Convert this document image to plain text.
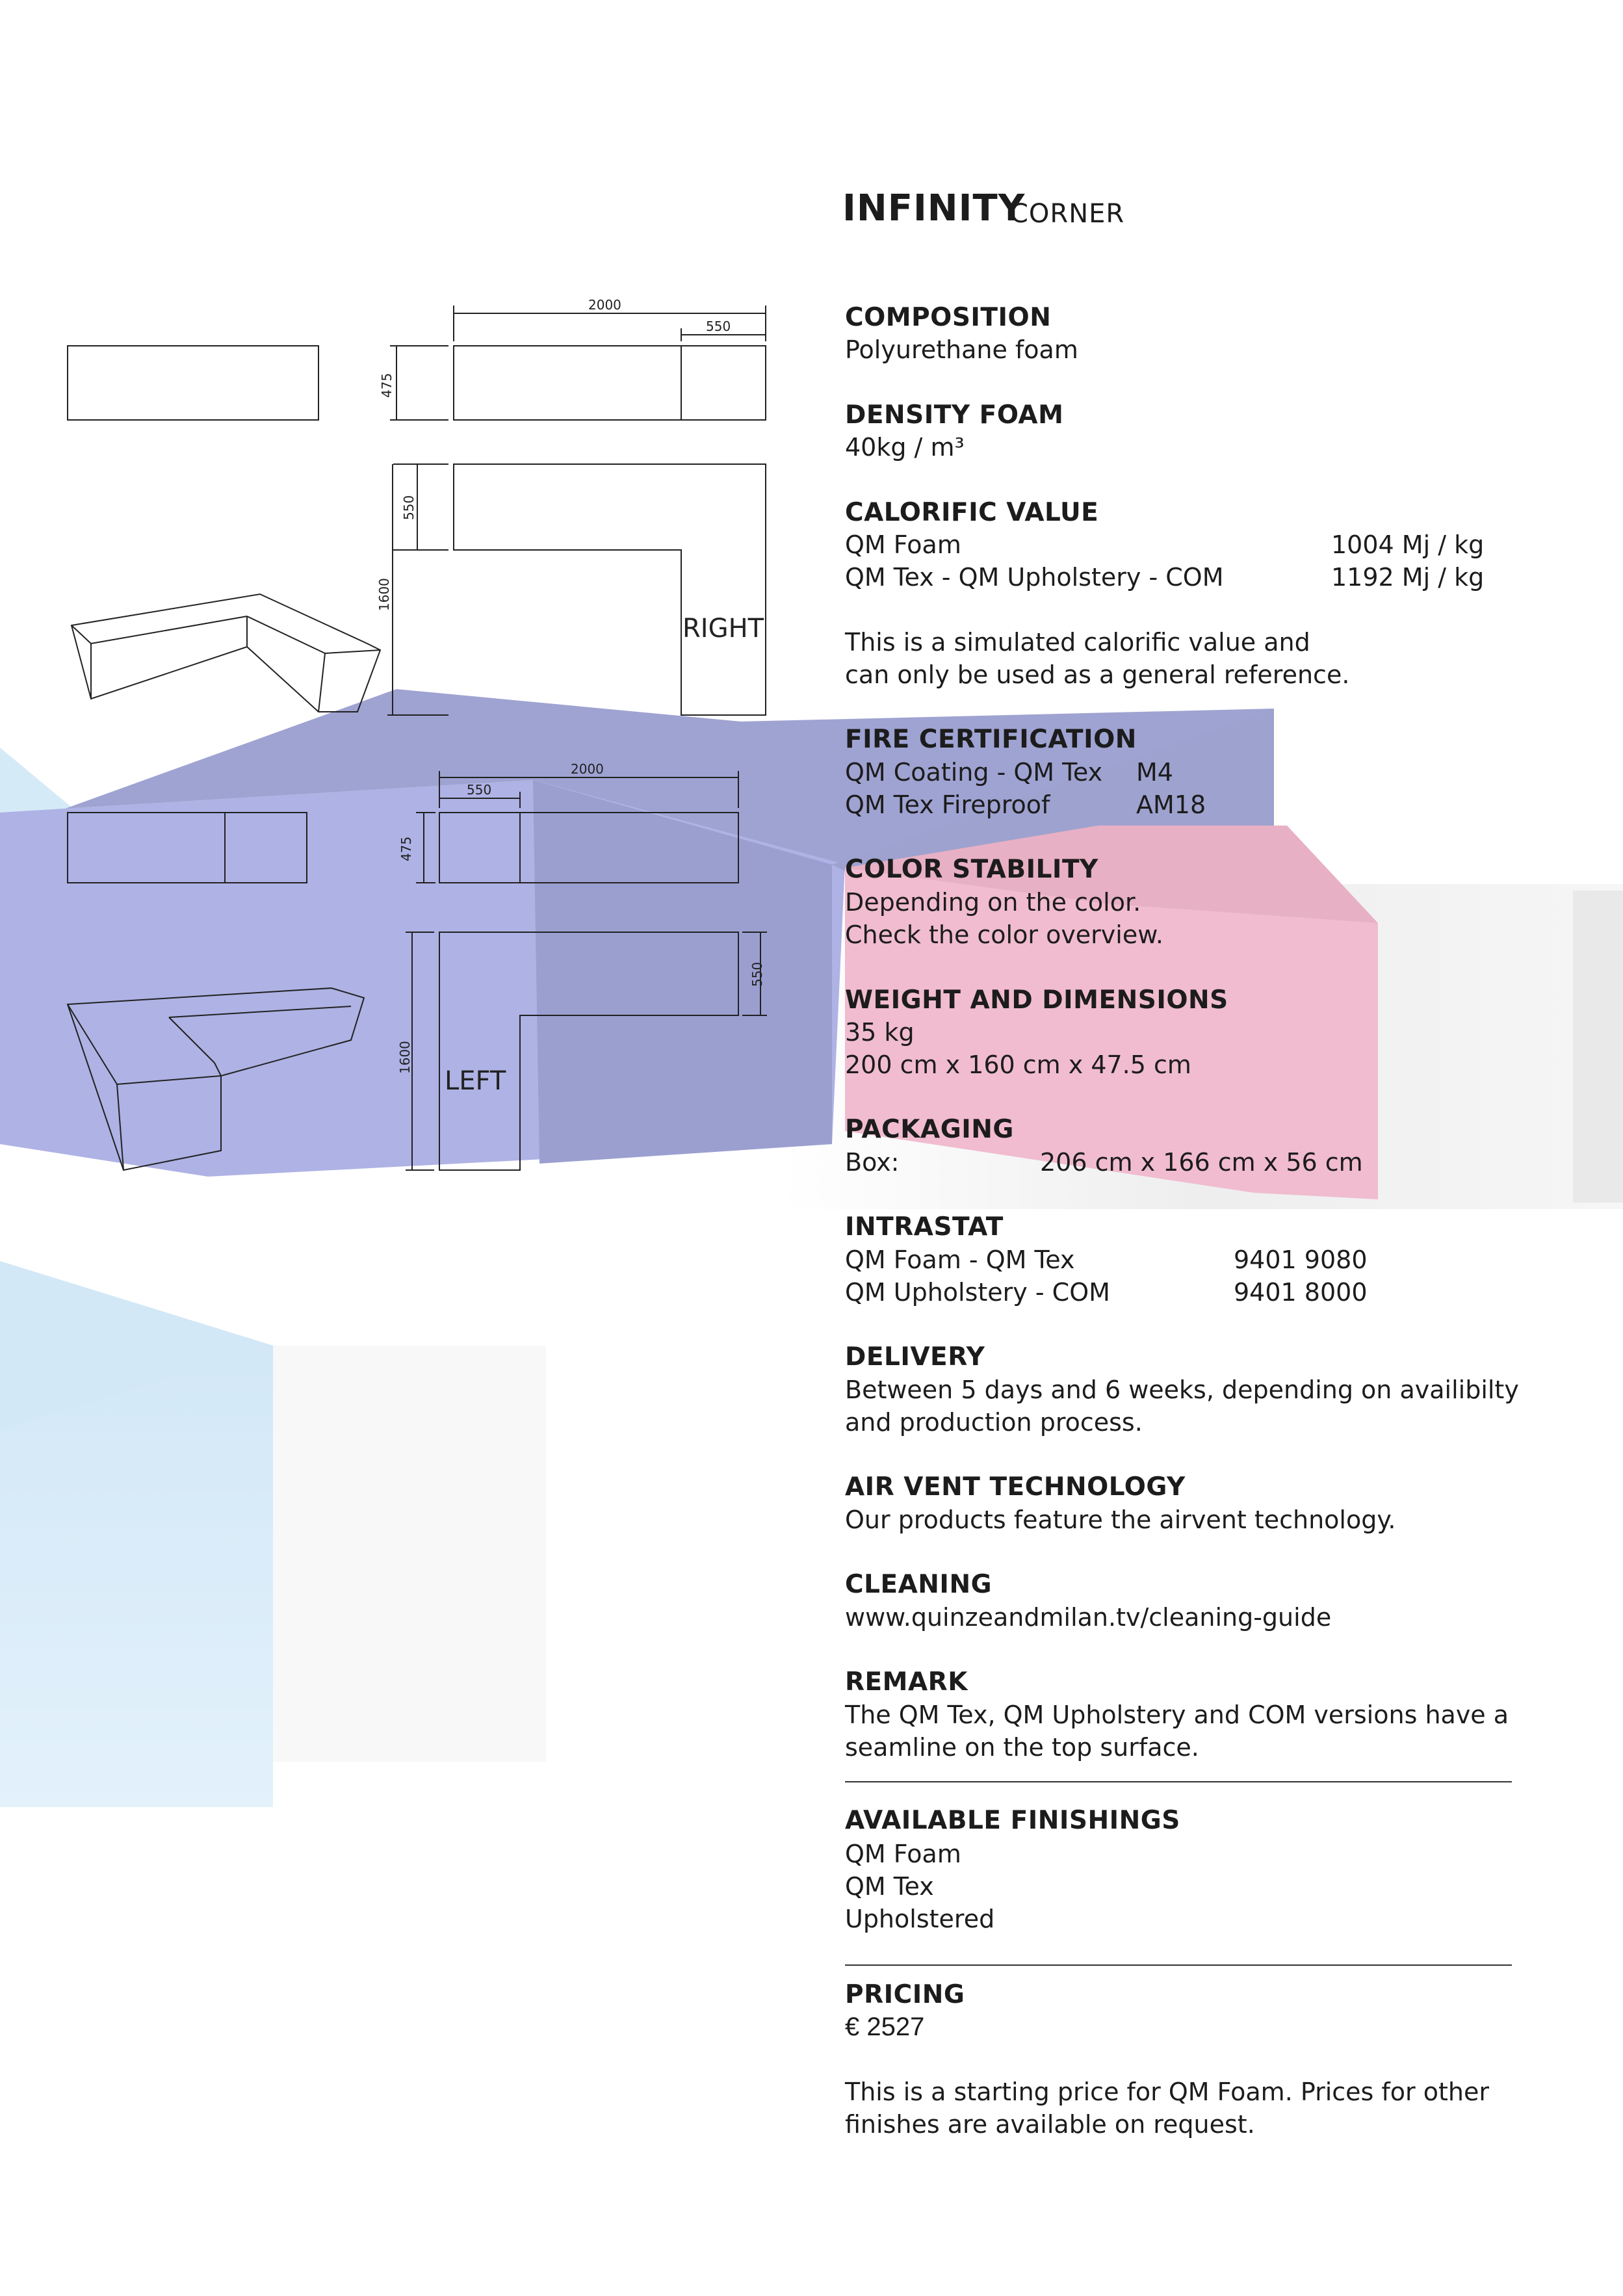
2000
550
475
550
1600
RIGHT
2000
550
475
550
1600
LEFT
INFINITY
CORNER
COMPOSITION
Polyurethane foam
DENSITY FOAM
40kg / m³
CALORIFIC VALUE
QM Foam	1004 Mj / kg
QM Tex - QM Upholstery - COM	1192 Mj / kg
This is a simulated calorific value and
can only be used as a general reference.
FIRE CERTIFICATION
QM Coating - QM Tex M4
QM Tex Fireproof	AM18
COLOR STABILITY
Depending on the color.
Check the color overview.
WEIGHT AND DIMENSIONS
35 kg
200 cm x 160 cm x 47.5 cm
PACKAGING
Box:	206 cm x 166 cm x 56 cm
INTRASTAT
QM Foam - QM Tex	9401 9080
QM Upholstery - COM	9401 8000
DELIVERY
Between 5 days and 6 weeks, depending on availibilty
and production process.
AIR VENT TECHNOLOGY
Our products feature the airvent technology.
CLEANING
www.quinzeandmilan.tv/cleaning-guide
REMARK
The QM Tex, QM Upholstery and COM versions have a
seamline on the top surface.
AVAILABLE FINISHINGS
QM Foam
QM Tex
Upholstered
PRICING
€ 2527
This is a starting price for QM Foam. Prices for other
finishes are available on request.
